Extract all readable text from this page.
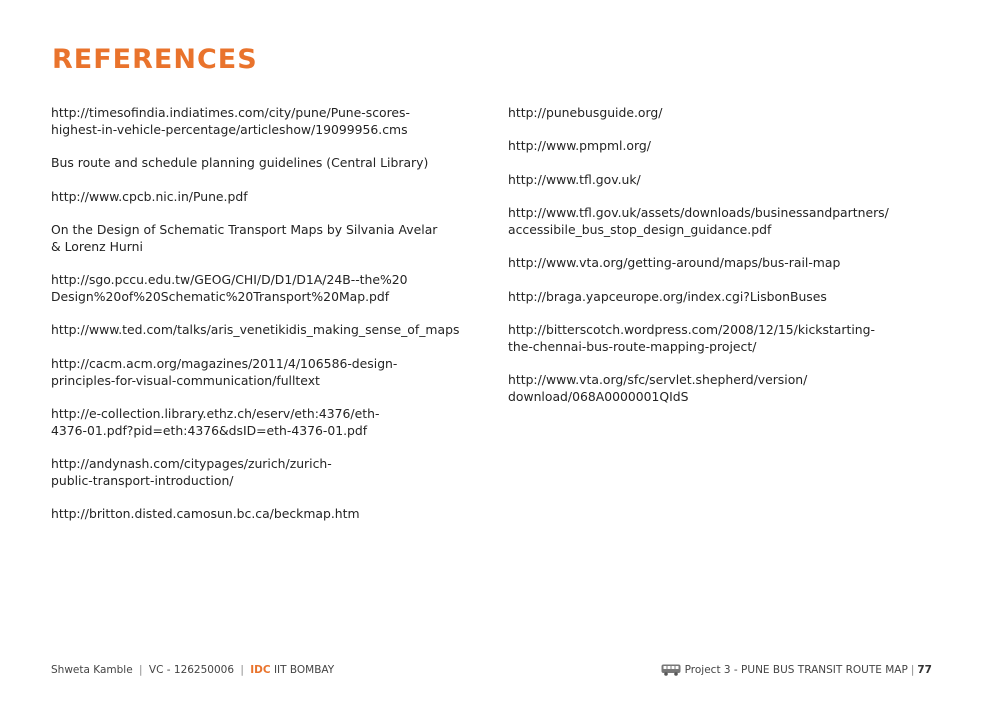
REFERENCES

http://timesofindia.indiatimes.com/city/pune/Pune-scores-
highest-in-vehicle-percentage/articleshow/19099956.cms

Bus route and schedule planning guidelines (Central Library)

http://www.cpcb.nic.in/Pune.pdf

On the Design of Schematic Transport Maps by Silvania Avelar
& Lorenz Hurni

http://sgo.pccu.edu.tw/GEOG/CHI/D/D1/D1A/24B--the%20
Design%20of%20Schematic%20Transport%20Map.pdf

http://www.ted.com/talks/aris_venetikidis_making_sense_of_maps

http://cacm.acm.org/magazines/2011/4/106586-design-
principles-for-visual-communication/fulltext

http://e-collection.library.ethz.ch/eserv/eth:4376/eth-
4376-01.pdf?pid=eth:4376&dsID=eth-4376-01.pdf

http://andynash.com/citypages/zurich/zurich-
public-transport-introduction/

http://britton.disted.camosun.bc.ca/beckmap.htm

http://punebusguide.org/

http://www.pmpml.org/

http://www.tfl.gov.uk/

http://www.tfl.gov.uk/assets/downloads/businessandpartners/
accessibile_bus_stop_design_guidance.pdf

http://www.vta.org/getting-around/maps/bus-rail-map

http://braga.yapceurope.org/index.cgi?LisbonBuses

http://bitterscotch.wordpress.com/2008/12/15/kickstarting-
the-chennai-bus-route-mapping-project/

http://www.vta.org/sfc/servlet.shepherd/version/
download/068A0000001QIdS

Shweta Kamble | VC - 126250006 | IDC IIT BOMBAY	Project 3 - PUNE BUS TRANSIT ROUTE MAP | 77
